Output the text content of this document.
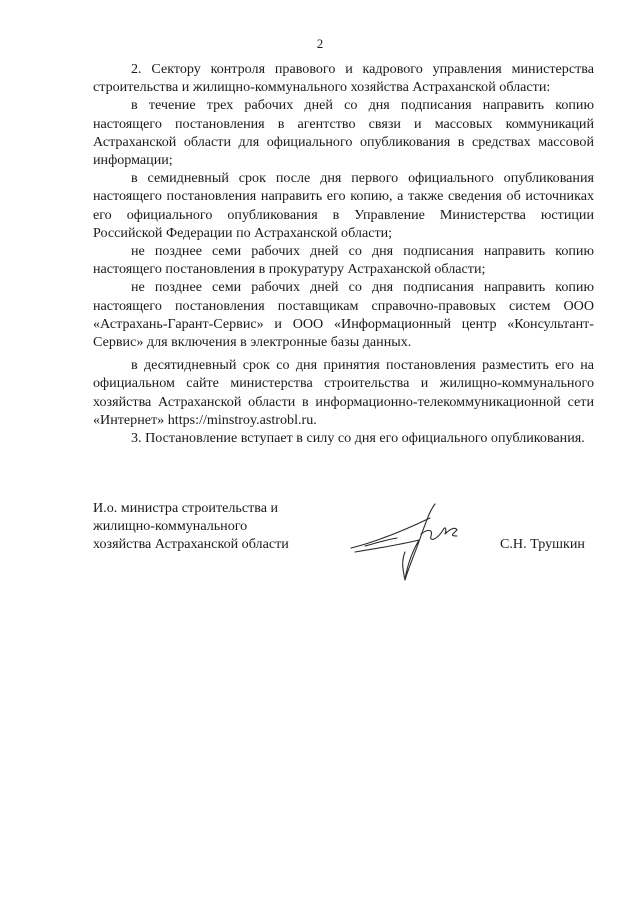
2

2. Сектору контроля правового и кадрового управления министерства строительства и жилищно-коммунального хозяйства Астраханской области:

в течение трех рабочих дней со дня подписания направить копию настоящего постановления в агентство связи и массовых коммуникаций Астраханской области для официального опубликования в средствах массовой информации;

в семидневный срок после дня первого официального опубликования настоящего постановления направить его копию, а также сведения об источниках его официального опубликования в Управление Министерства юстиции Российской Федерации по Астраханской области;

не позднее семи рабочих дней со дня подписания направить копию настоящего постановления в прокуратуру Астраханской области;

не позднее семи рабочих дней со дня подписания направить копию настоящего постановления поставщикам справочно-правовых систем ООО «Астрахань-Гарант-Сервис» и ООО «Информационный центр «Консультант-Сервис» для включения в электронные базы данных.

в десятидневный срок со дня принятия постановления разместить его на официальном сайте министерства строительства и жилищно-коммунального хозяйства Астраханской области в информационно-телекоммуникационной сети «Интернет» https://minstroy.astrobl.ru.

3. Постановление вступает в силу со дня его официального опубликования.

И.о. министра строительства и
жилищно-коммунального
хозяйства Астраханской области	С.Н. Трушкин
